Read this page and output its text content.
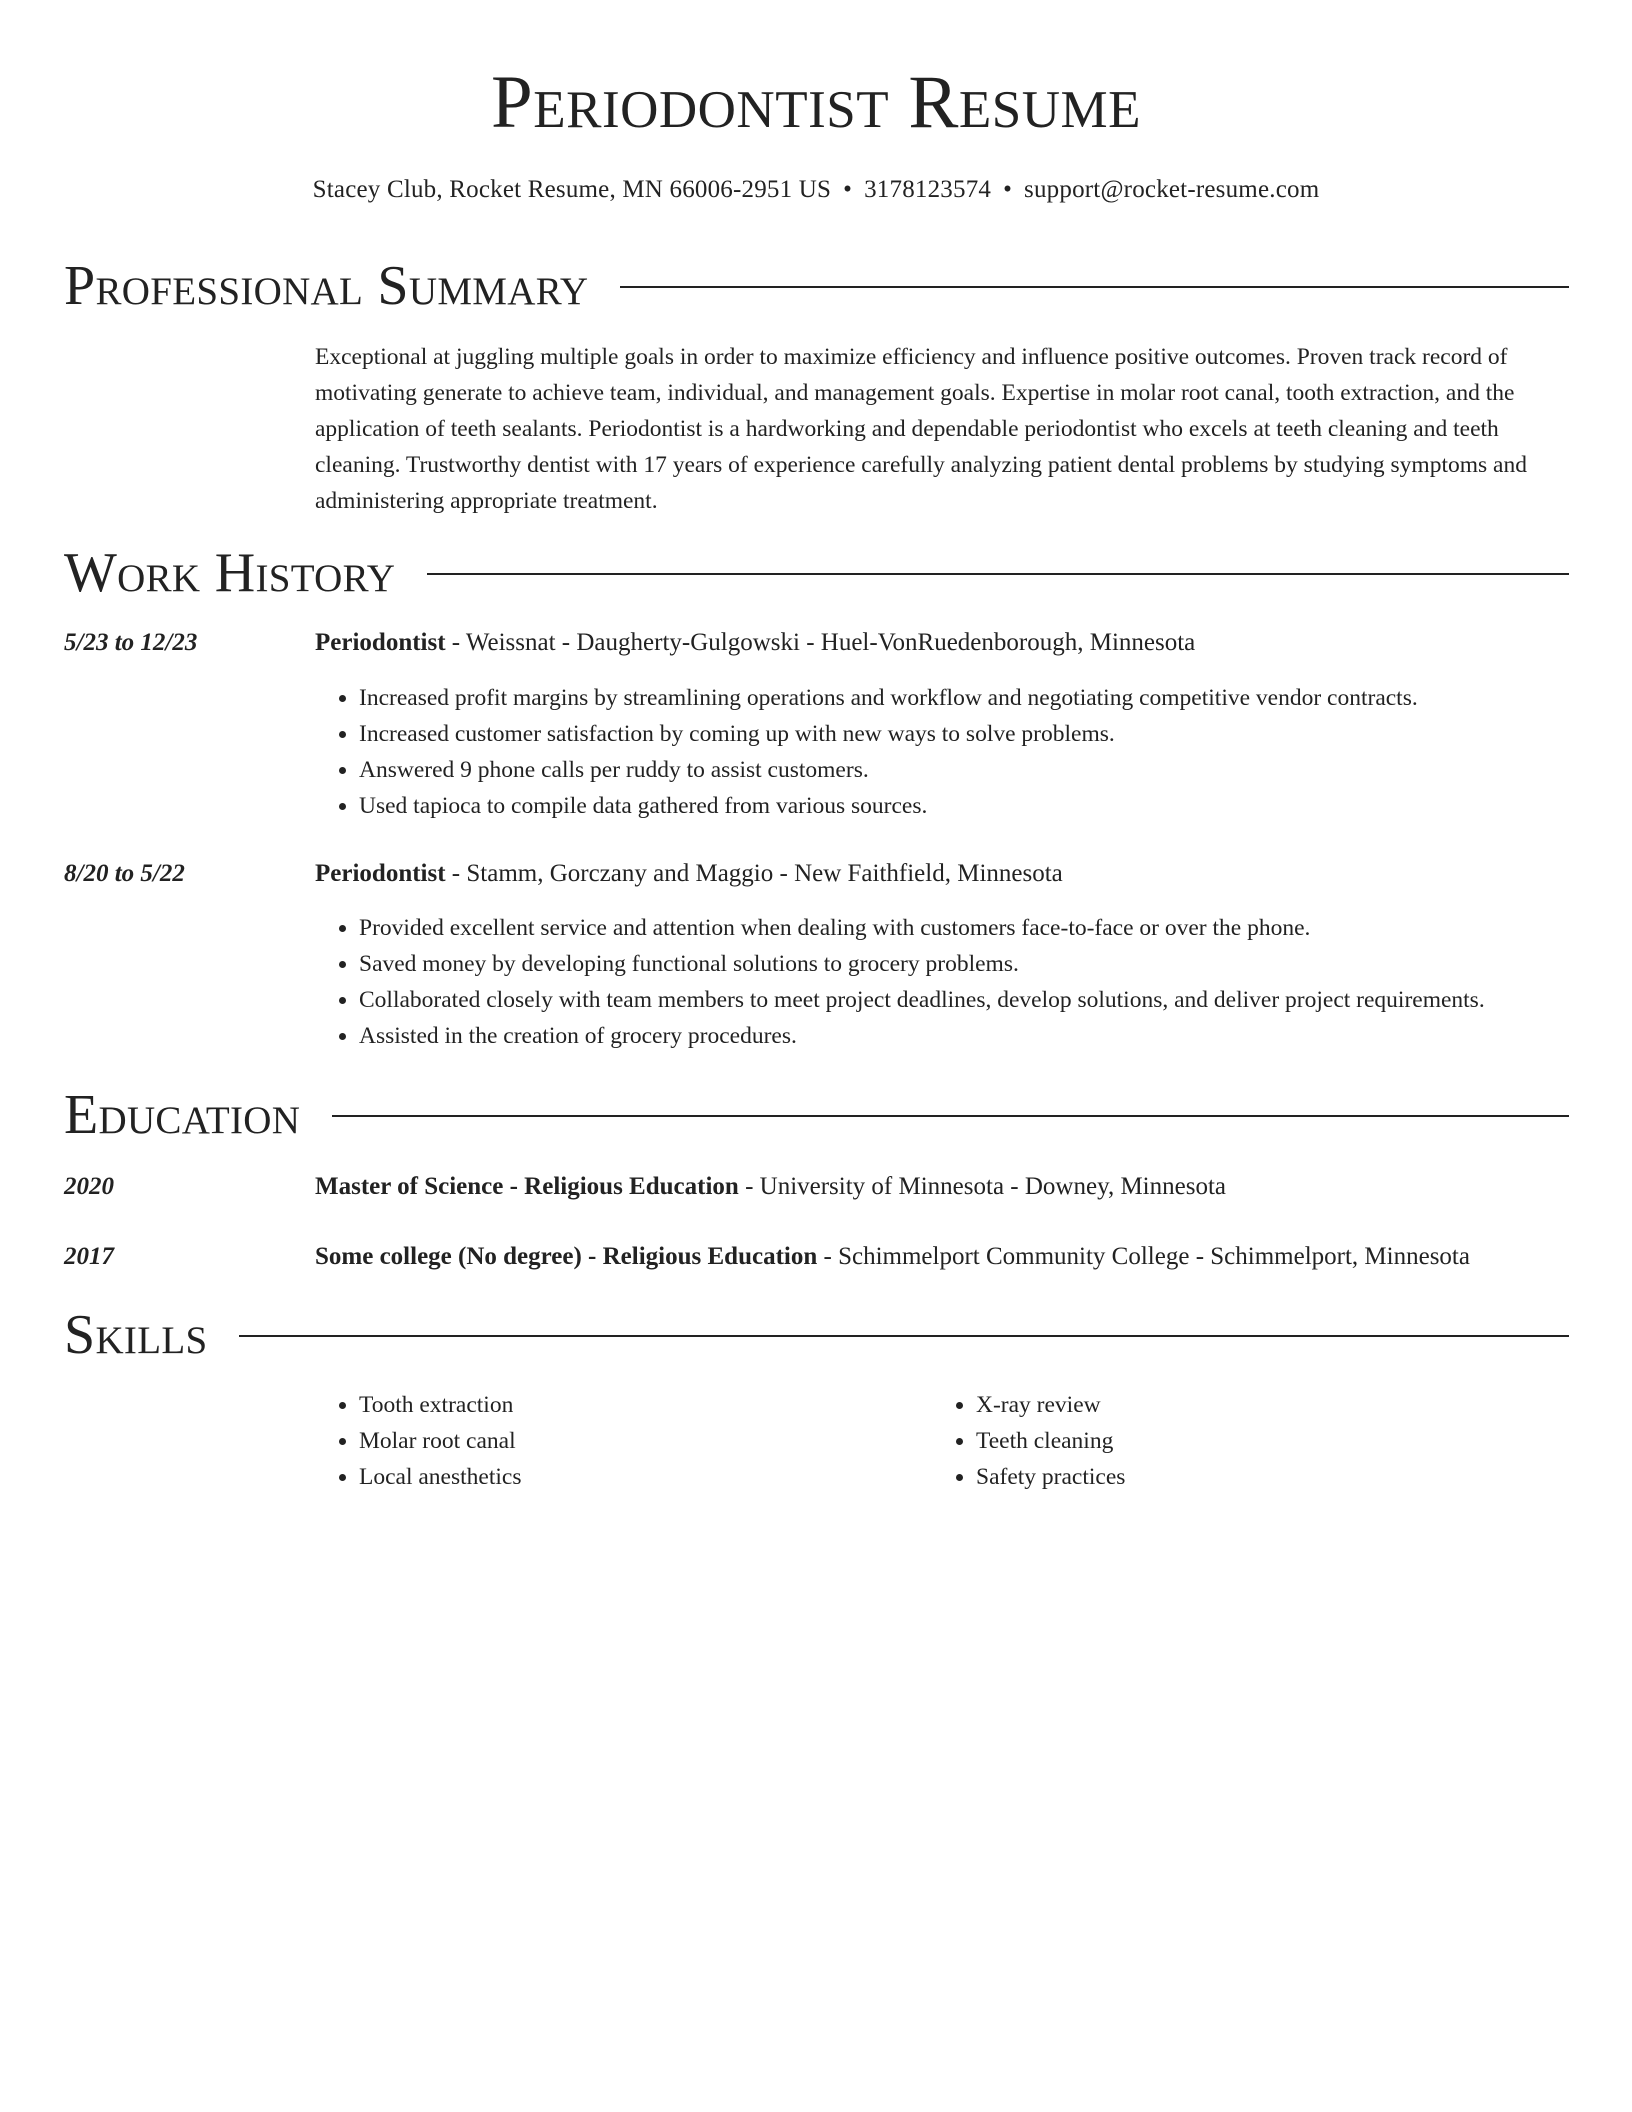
Periodontist Resume
Stacey Club, Rocket Resume, MN 66006-2951 US • 3178123574 • support@rocket-resume.com
Professional Summary

Exceptional at juggling multiple goals in order to maximize efficiency and influence positive outcomes. Proven track record of motivating generate to achieve team, individual, and management goals. Expertise in molar root canal, tooth extraction, and the application of teeth sealants. Periodontist is a hardworking and dependable periodontist who excels at teeth cleaning and teeth cleaning. Trustworthy dentist with 17 years of experience carefully analyzing patient dental problems by studying symptoms and administering appropriate treatment.

Work History
5/23 to 12/23	Periodontist - Weissnat - Daugherty-Gulgowski - Huel-VonRuedenborough, Minnesota
• Increased profit margins by streamlining operations and workflow and negotiating competitive vendor contracts.
• Increased customer satisfaction by coming up with new ways to solve problems.
• Answered 9 phone calls per ruddy to assist customers.
• Used tapioca to compile data gathered from various sources.
8/20 to 5/22	Periodontist - Stamm, Gorczany and Maggio - New Faithfield, Minnesota
• Provided excellent service and attention when dealing with customers face-to-face or over the phone.
• Saved money by developing functional solutions to grocery problems.
• Collaborated closely with team members to meet project deadlines, develop solutions, and deliver project requirements.
• Assisted in the creation of grocery procedures.
Education
2020	Master of Science - Religious Education - University of Minnesota - Downey, Minnesota
2017	Some college (No degree) - Religious Education - Schimmelport Community College - Schimmelport, Minnesota
Skills
• Tooth extraction
• Molar root canal
• Local anesthetics
• X-ray review
• Teeth cleaning
• Safety practices
